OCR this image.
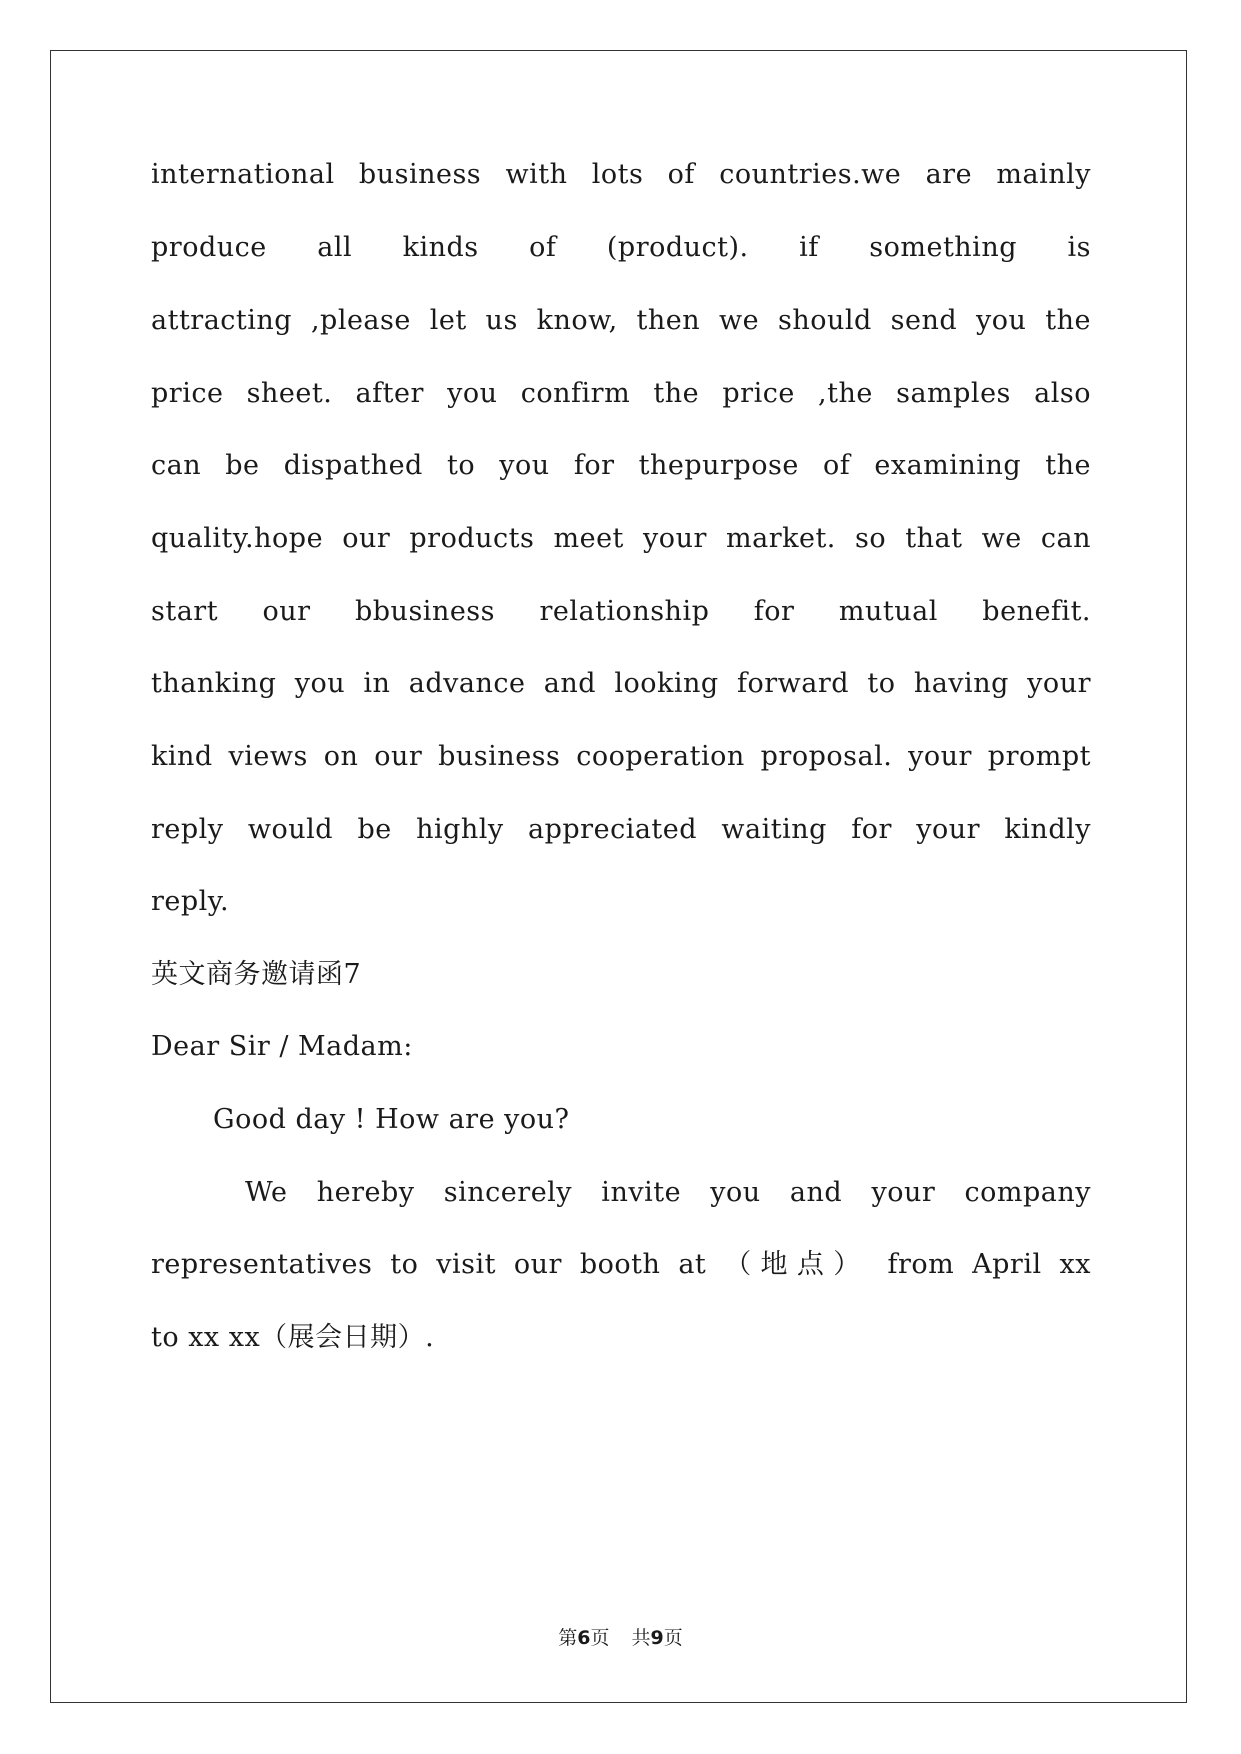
international business with lots of countries.we are mainly
produce all kinds of (product). if something is
attracting ,please let us know, then we should send you the
price sheet. after you confirm the price ,the samples also
can be dispathed to you for thepurpose of examining the
quality.hope our products meet your market. so that we can
start our bbusiness relationship for mutual benefit.
thanking you in advance and looking forward to having your
kind views on our business cooperation proposal. your prompt
reply would be highly appreciated waiting for your kindly
reply.
英文商务邀请函7
Dear Sir / Madam:
Good day ! How are you?
We hereby sincerely invite you and your company
representatives to visit our booth at （地点） from April xx
to xx xx（展会日期）.
第6页 共9页
